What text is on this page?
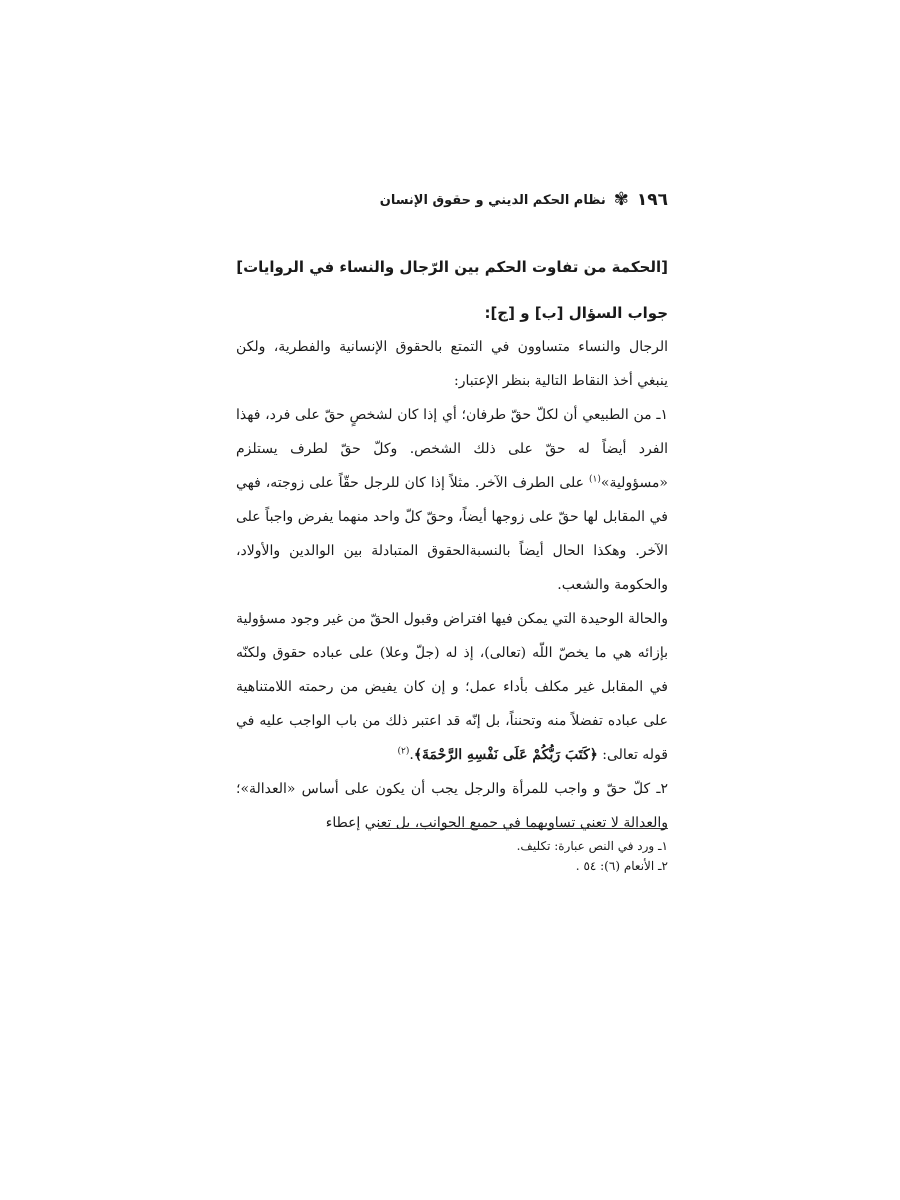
١٩٦
✾
نظام الحكم الديني و حقوق الإنسان
[الحكمة من تفاوت الحكم بين الرّجال والنساء في الروايات]

جواب السؤال [ب] و [ج]:

الرجال والنساء متساوون في التمتع بالحقوق الإنسانية والفطرية، ولكن ينبغي أخذ النقاط التالية بنظر الإعتبار:

١ـ من الطبيعي أن لكلّ حقّ طرفان؛ أي إذا كان لشخصٍ حقّ على فرد، فهذا الفرد أيضاً له حقّ على ذلك الشخص. وكلّ حقّ لطرف يستلزم «مسؤولية»$^{(١)}$ على الطرف الآخر. مثلاً إذا كان للرجل حقّاً على زوجته، فهي في المقابل لها حقّ على زوجها أيضاً، وحقّ كلّ واحد منهما يفرض واجباً على الآخر. وهكذا الحال أيضاً بالنسبةالحقوق المتبادلة بين الوالدين والأولاد، والحكومة والشعب.

والحالة الوحيدة التي يمكن فيها افتراض وقبول الحقّ من غير وجود مسؤولية بإزائه هي ما يخصّ اللّه (تعالى)، إذ له (جلّ وعلا) على عباده حقوق ولكنّه في المقابل غير مكلف بأداء عمل؛ و إن كان يفيض من رحمته اللامتناهية على عباده تفضلاً منه وتحنناً، بل إنّه قد اعتبر ذلك من باب الواجب عليه في قوله تعالى: ﴿كَتَبَ رَبُّكُمْ عَلَى نَفْسِهِ الرَّحْمَةَ﴾.$^{(٢)}$

٢ـ كلّ حقّ و واجب للمرأة والرجل يجب أن يكون على أساس «العدالة»؛ والعدالة لا تعني تساويهما في جميع الجوانب، بل تعني إعطاء

١ـ ورد في النص عبارة: تكليف.
٢ـ الأنعام (٦): ٥٤ .
